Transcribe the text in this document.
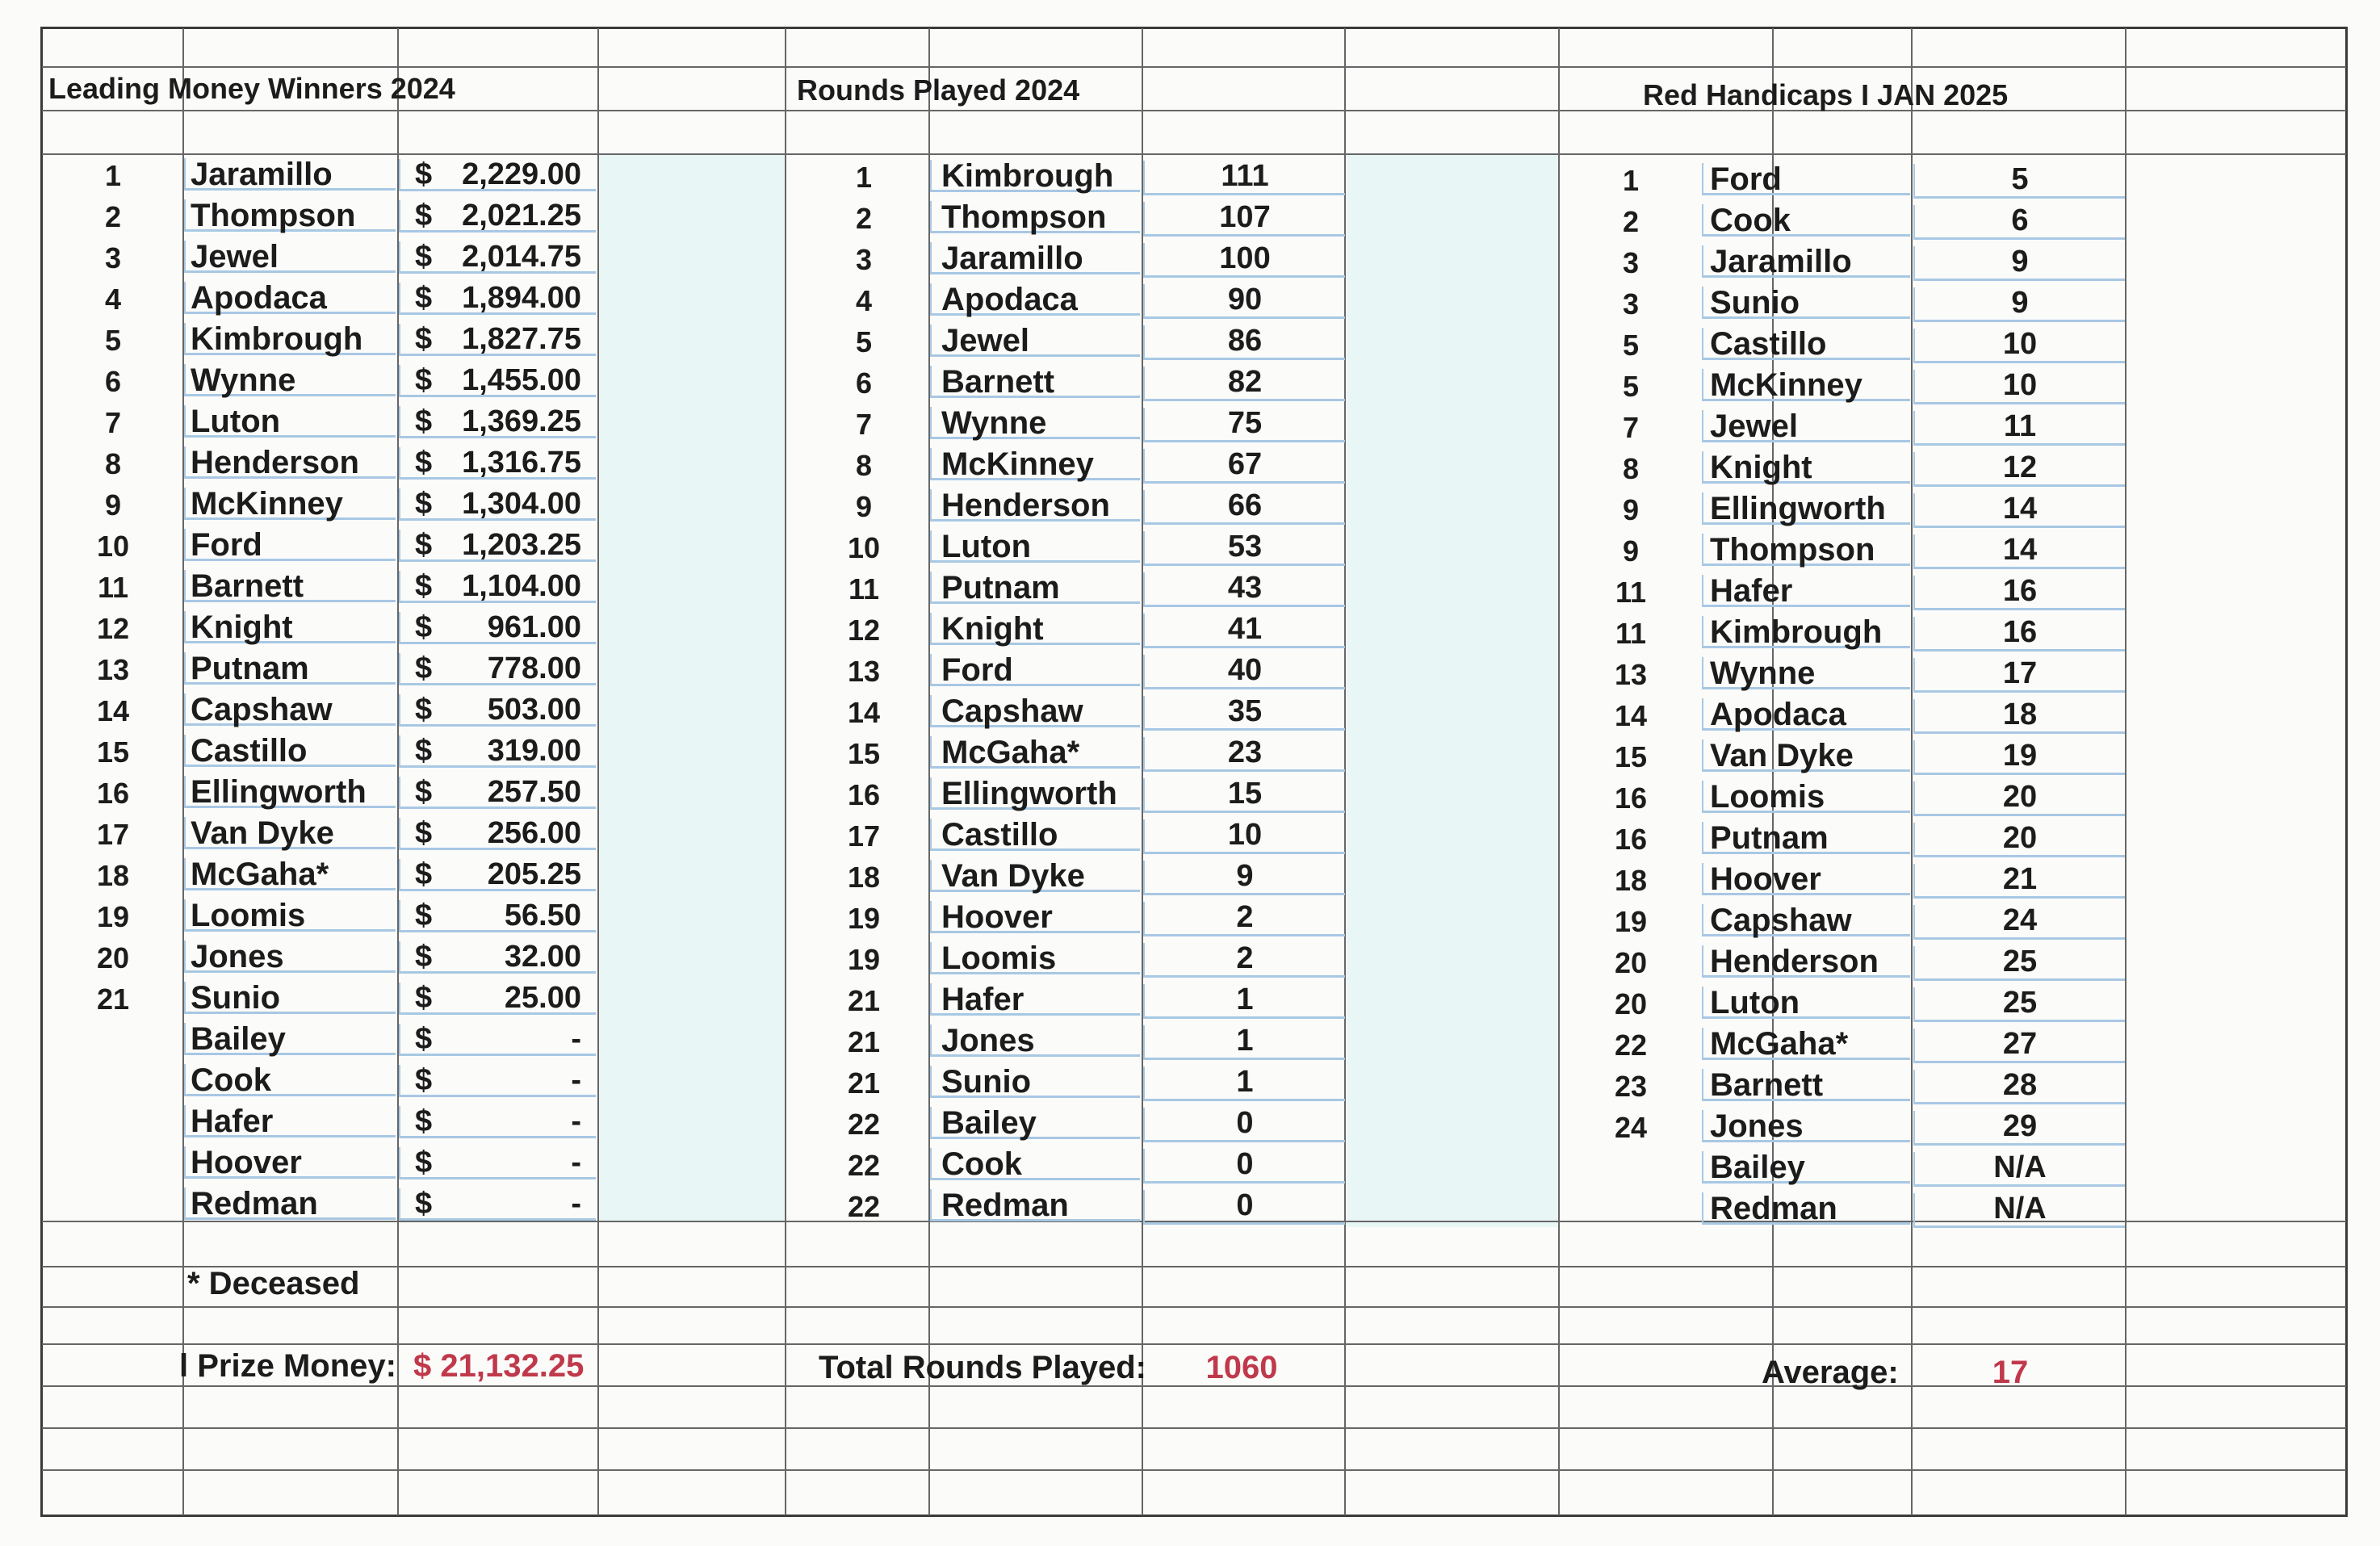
Leading Money Winners 2024	Rounds Played 2024	Red Handicaps I JAN 2025
* Deceased
l Prize Money: $ 21,132.25	Total Rounds Played:	1060	Average:	17
1	Jaramillo	$ 2,229.00
2	Thompson	$ 2,021.25
3	Jewel	$ 2,014.75
4	Apodaca	$ 1,894.00
5	Kimbrough	$ 1,827.75
6	Wynne	$ 1,455.00
7	Luton	$ 1,369.25
8	Henderson	$ 1,316.75
9	McKinney	$ 1,304.00
10	Ford	$ 1,203.25
11	Barnett	$ 1,104.00
12	Knight	$	961.00
13	Putnam	$	778.00
14	Capshaw	$	503.00
15	Castillo	$	319.00
16	Ellingworth	$	257.50
17	Van Dyke	$	256.00
18	McGaha*	$	205.25
19	Loomis	$	56.50
20	Jones	$	32.00
21	Sunio	$	25.00
Bailey	$	-
Cook	$	-
Hafer	$	-
Hoover	$	-
Redman	$	-
1	Kimbrough	111
2	Thompson	107
3	Jaramillo	100
4	Apodaca	90
5	Jewel	86
6	Barnett	82
7	Wynne	75
8	McKinney	67
9	Henderson	66
10	Luton	53
11	Putnam	43
12	Knight	41
13	Ford	40
14	Capshaw	35
15	McGaha*	23
16	Ellingworth	15
17	Castillo	10
18	Van Dyke	9
19	Hoover	2
19	Loomis	2
21	Hafer	1
21	Jones	1
21	Sunio	1
22	Bailey	0
22	Cook	0
22	Redman	0
1	Ford	5
2	Cook	6
3	Jaramillo	9
3	Sunio	9
5	Castillo	10
5	McKinney	10
7	Jewel	11
8	Knight	12
9	Ellingworth	14
9	Thompson	14
11	Hafer	16
11	Kimbrough	16
13	Wynne	17
14	Apodaca	18
15	Van Dyke	19
16	Loomis	20
16	Putnam	20
18	Hoover	21
19	Capshaw	24
20	Henderson	25
20	Luton	25
22	McGaha*	27
23	Barnett	28
24	Jones	29
Bailey	N/A
Redman	N/A
